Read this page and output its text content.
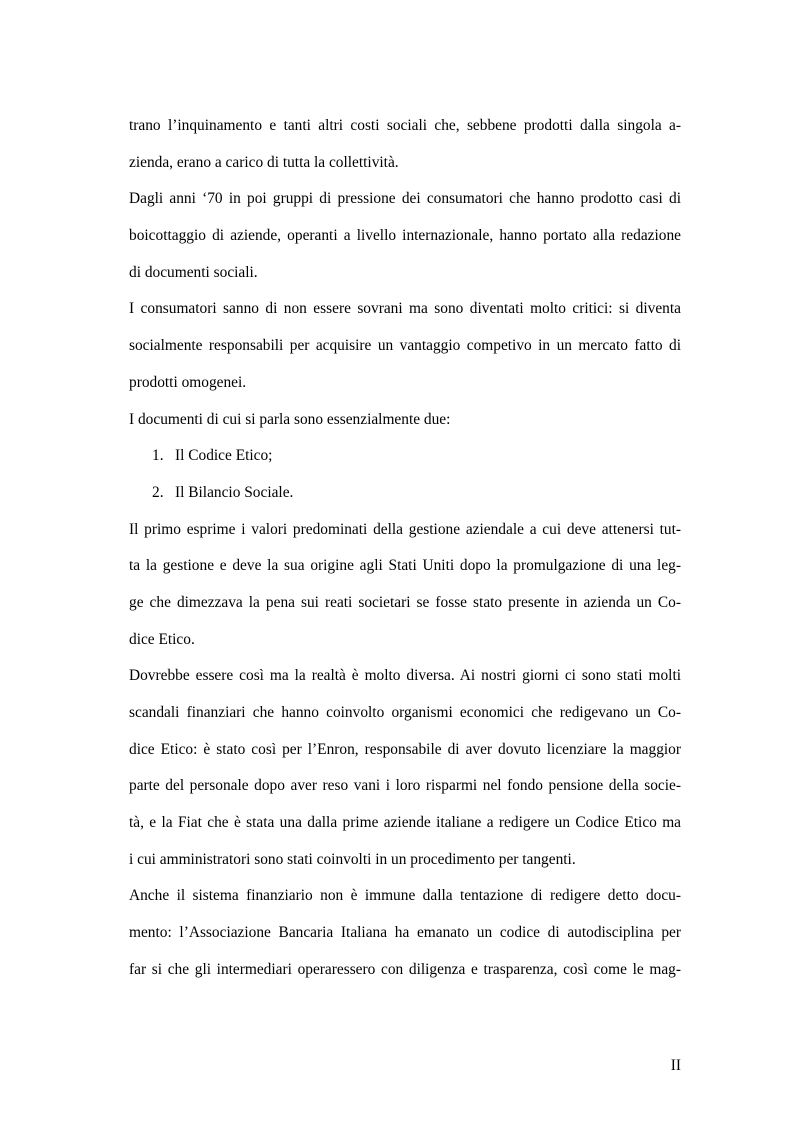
trano l’inquinamento e tanti altri costi sociali che, sebbene prodotti dalla singola a-
zienda, erano a carico di tutta la collettività.
Dagli anni ‘70 in poi gruppi di pressione dei consumatori che hanno prodotto casi di
boicottaggio di aziende, operanti a livello internazionale, hanno portato alla redazione
di documenti sociali.
I consumatori sanno di non essere sovrani ma sono diventati molto critici: si diventa
socialmente responsabili per acquisire un vantaggio competivo in un mercato fatto di
prodotti omogenei.
I documenti di cui si parla sono essenzialmente due:
1. Il Codice Etico;
2. Il Bilancio Sociale.
Il primo esprime i valori predominati della gestione aziendale a cui deve attenersi tut-
ta la gestione e deve la sua origine agli Stati Uniti dopo la promulgazione di una leg-
ge che dimezzava la pena sui reati societari se fosse stato presente in azienda un Co-
dice Etico.
Dovrebbe essere così ma la realtà è molto diversa. Ai nostri giorni ci sono stati molti
scandali finanziari che hanno coinvolto organismi economici che redigevano un Co-
dice Etico: è stato così per l’Enron, responsabile di aver dovuto licenziare la maggior
parte del personale dopo aver reso vani i loro risparmi nel fondo pensione della socie-
tà, e la Fiat che è stata una dalla prime aziende italiane a redigere un Codice Etico ma
i cui amministratori sono stati coinvolti in un procedimento per tangenti.
Anche il sistema finanziario non è immune dalla tentazione di redigere detto docu-
mento: l’Associazione Bancaria Italiana ha emanato un codice di autodisciplina per
far si che gli intermediari operaressero con diligenza e trasparenza, così come le mag-
II
